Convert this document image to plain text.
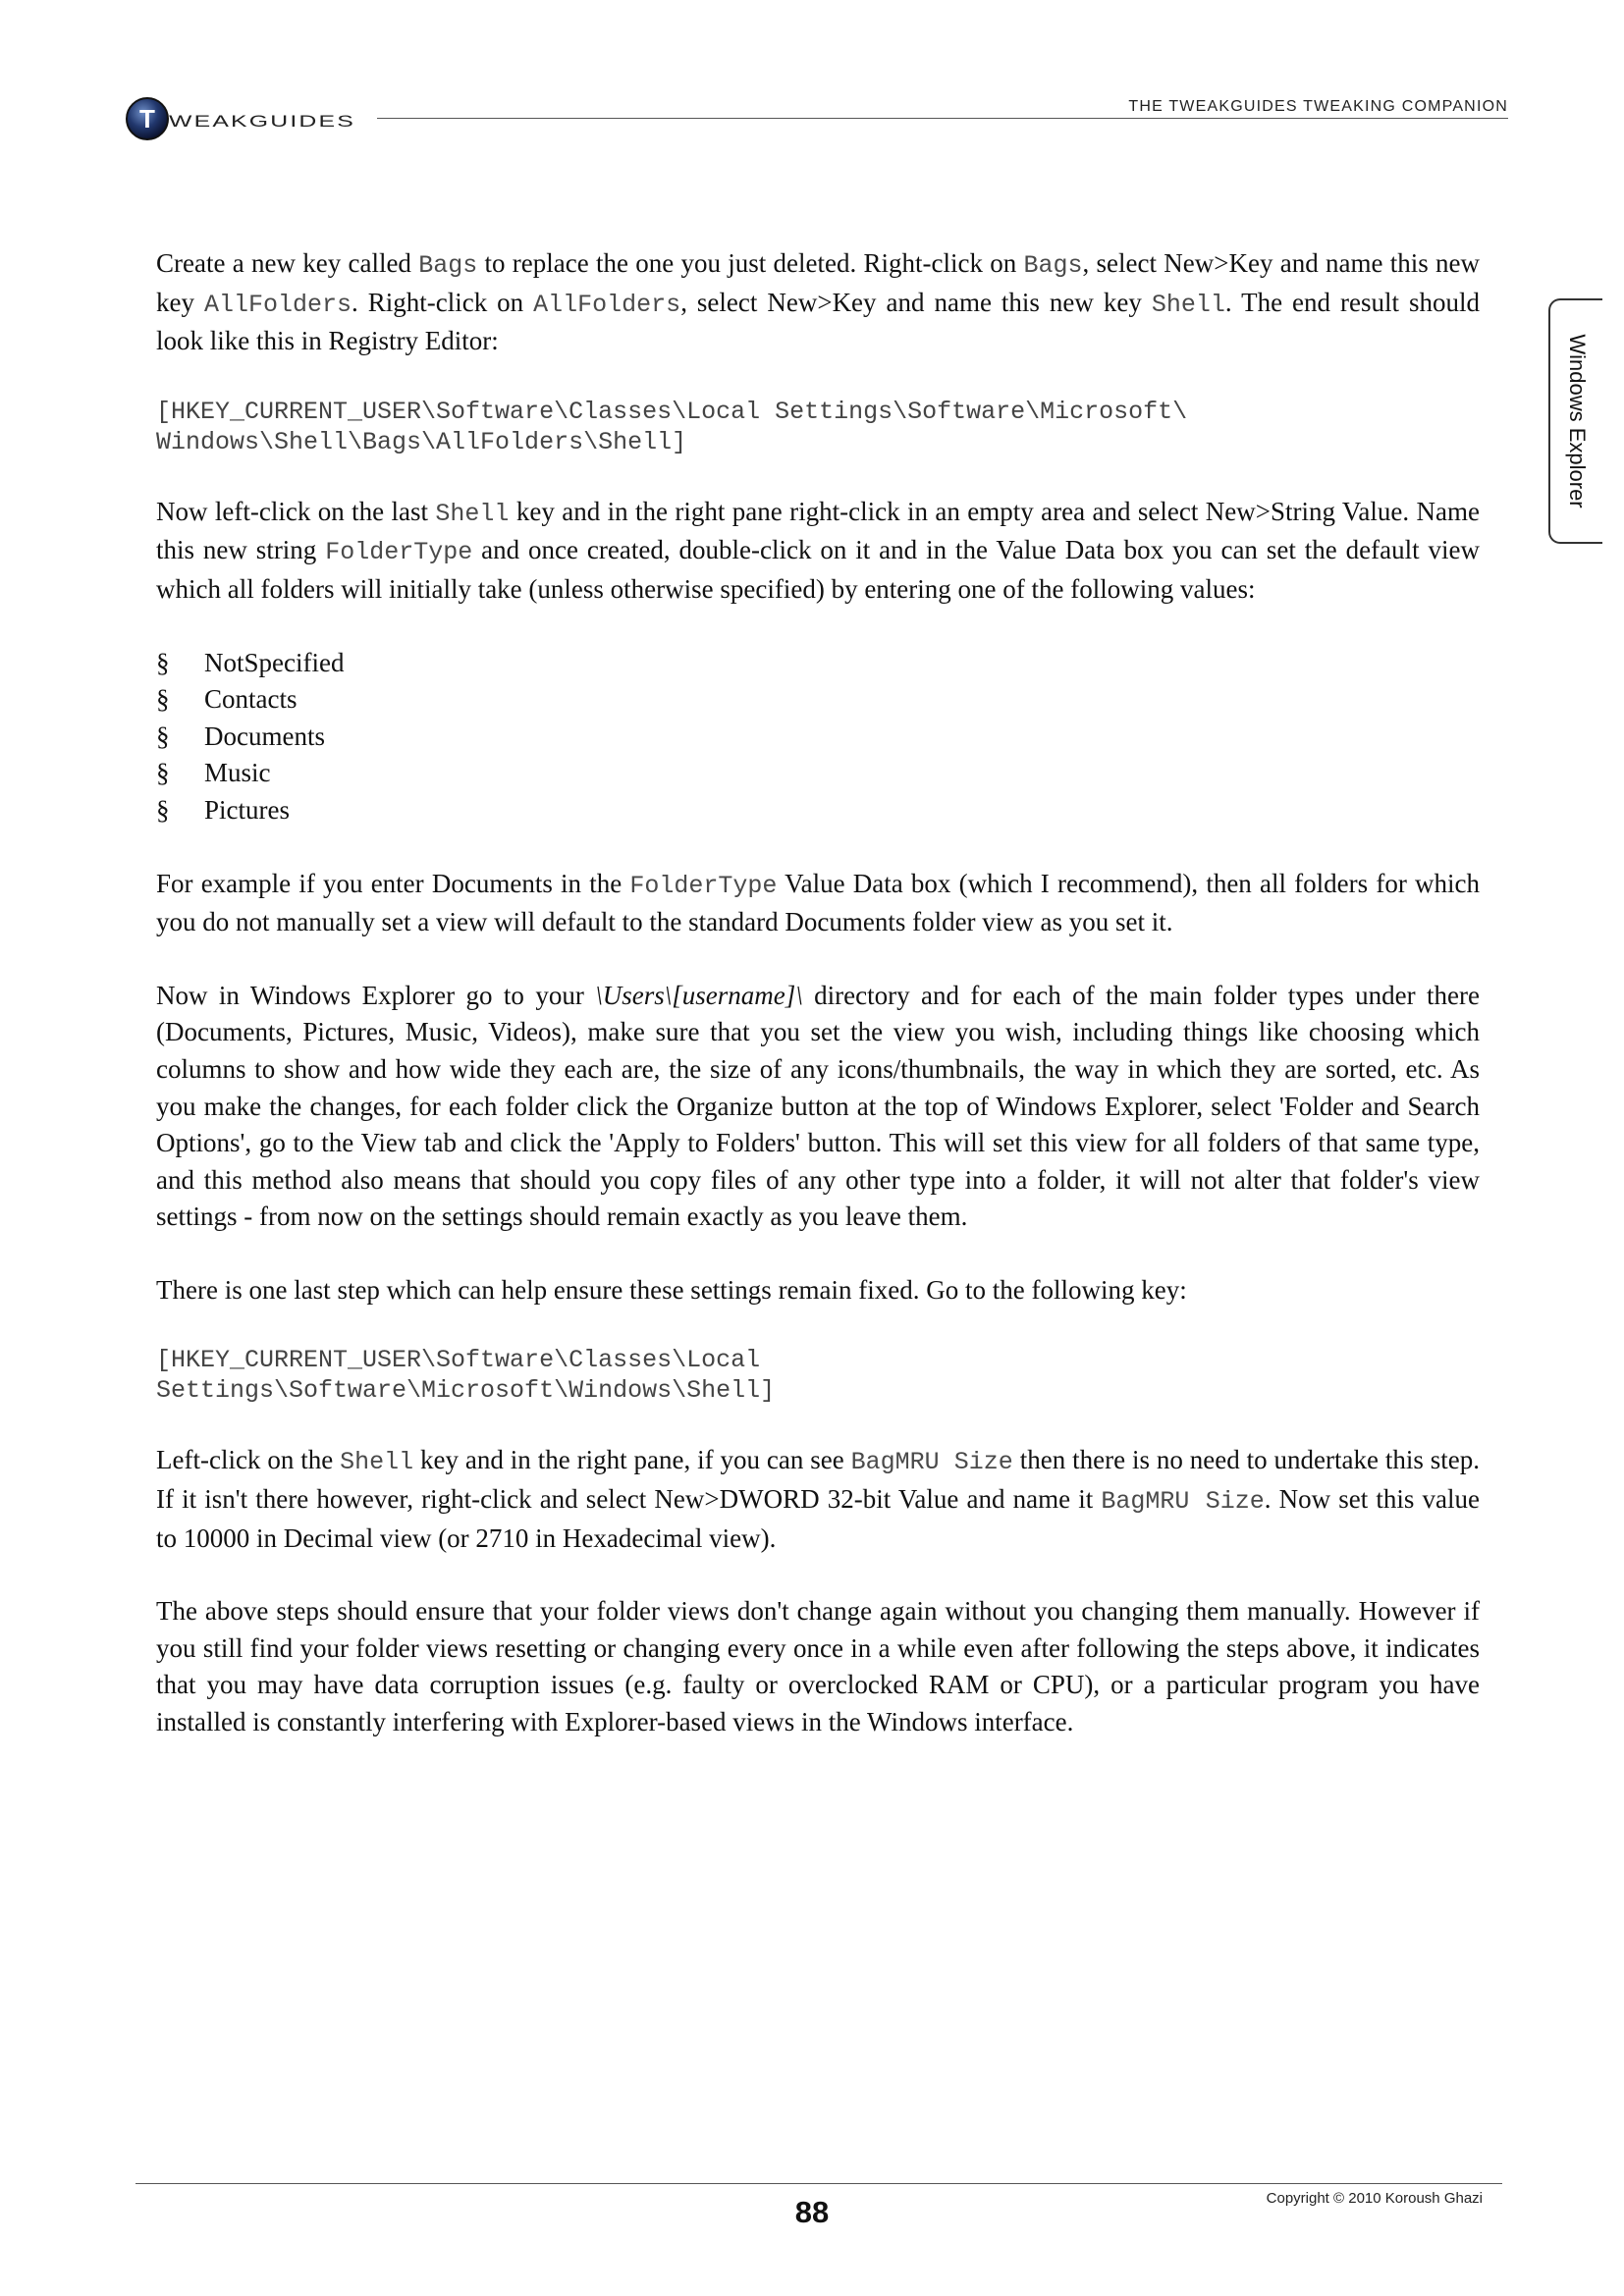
T WEAKGUIDES
THE TWEAKGUIDES TWEAKING COMPANION
Windows Explorer

Create a new key called Bags to replace the one you just deleted. Right-click on Bags, select New>Key and name this new key AllFolders. Right-click on AllFolders, select New>Key and name this new key Shell. The end result should look like this in Registry Editor:

[HKEY_CURRENT_USER\Software\Classes\Local Settings\Software\Microsoft\
Windows\Shell\Bags\AllFolders\Shell]

Now left-click on the last Shell key and in the right pane right-click in an empty area and select New>String Value. Name this new string FolderType and once created, double-click on it and in the Value Data box you can set the default view which all folders will initially take (unless otherwise specified) by entering one of the following values:

§ NotSpecified
§ Contacts
§ Documents
§ Music
§ Pictures

For example if you enter Documents in the FolderType Value Data box (which I recommend), then all folders for which you do not manually set a view will default to the standard Documents folder view as you set it.

Now in Windows Explorer go to your \Users\[username]\ directory and for each of the main folder types under there (Documents, Pictures, Music, Videos), make sure that you set the view you wish, including things like choosing which columns to show and how wide they each are, the size of any icons/thumbnails, the way in which they are sorted, etc. As you make the changes, for each folder click the Organize button at the top of Windows Explorer, select 'Folder and Search Options', go to the View tab and click the 'Apply to Folders' button. This will set this view for all folders of that same type, and this method also means that should you copy files of any other type into a folder, it will not alter that folder's view settings - from now on the settings should remain exactly as you leave them.

There is one last step which can help ensure these settings remain fixed. Go to the following key:

[HKEY_CURRENT_USER\Software\Classes\Local
Settings\Software\Microsoft\Windows\Shell]

Left-click on the Shell key and in the right pane, if you can see BagMRU Size then there is no need to undertake this step. If it isn't there however, right-click and select New>DWORD 32-bit Value and name it BagMRU Size. Now set this value to 10000 in Decimal view (or 2710 in Hexadecimal view).

The above steps should ensure that your folder views don't change again without you changing them manually. However if you still find your folder views resetting or changing every once in a while even after following the steps above, it indicates that you may have data corruption issues (e.g. faulty or overclocked RAM or CPU), or a particular program you have installed is constantly interfering with Explorer-based views in the Windows interface.

88	Copyright © 2010 Koroush Ghazi
